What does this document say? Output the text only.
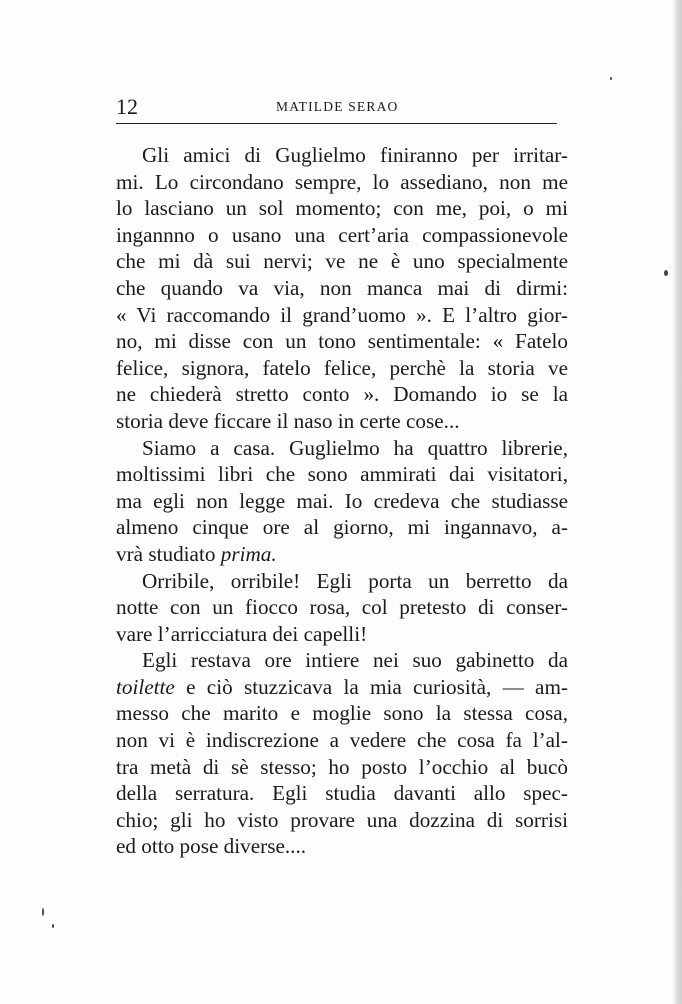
12	MATILDE SERAO
Gli amici di Guglielmo finiranno per irritar-
mi. Lo circondano sempre, lo assediano, non me
lo lasciano un sol momento; con me, poi, o mi
ingannno o usano una cert’aria compassionevole
che mi dà sui nervi; ve ne è uno specialmente
che quando va via, non manca mai di dirmi:
« Vi raccomando il grand’uomo ». E l’altro gior-
no, mi disse con un tono sentimentale: « Fatelo
felice, signora, fatelo felice, perchè la storia ve
ne chiederà stretto conto ». Domando io se la
storia deve ficcare il naso in certe cose...
Siamo a casa. Guglielmo ha quattro librerie,
moltissimi libri che sono ammirati dai visitatori,
ma egli non legge mai. Io credeva che studiasse
almeno cinque ore al giorno, mi ingannavo, a-
vrà studiato prima.
Orribile, orribile! Egli porta un berretto da
notte con un fiocco rosa, col pretesto di conser-
vare l’arricciatura dei capelli!
Egli restava ore intiere nei suo gabinetto da
toilette e ciò stuzzicava la mia curiosità, — am-
messo che marito e moglie sono la stessa cosa,
non vi è indiscrezione a vedere che cosa fa l’al-
tra metà di sè stesso; ho posto l’occhio al bucò
della serratura. Egli studia davanti allo spec-
chio; gli ho visto provare una dozzina di sorrisi
ed otto pose diverse....
